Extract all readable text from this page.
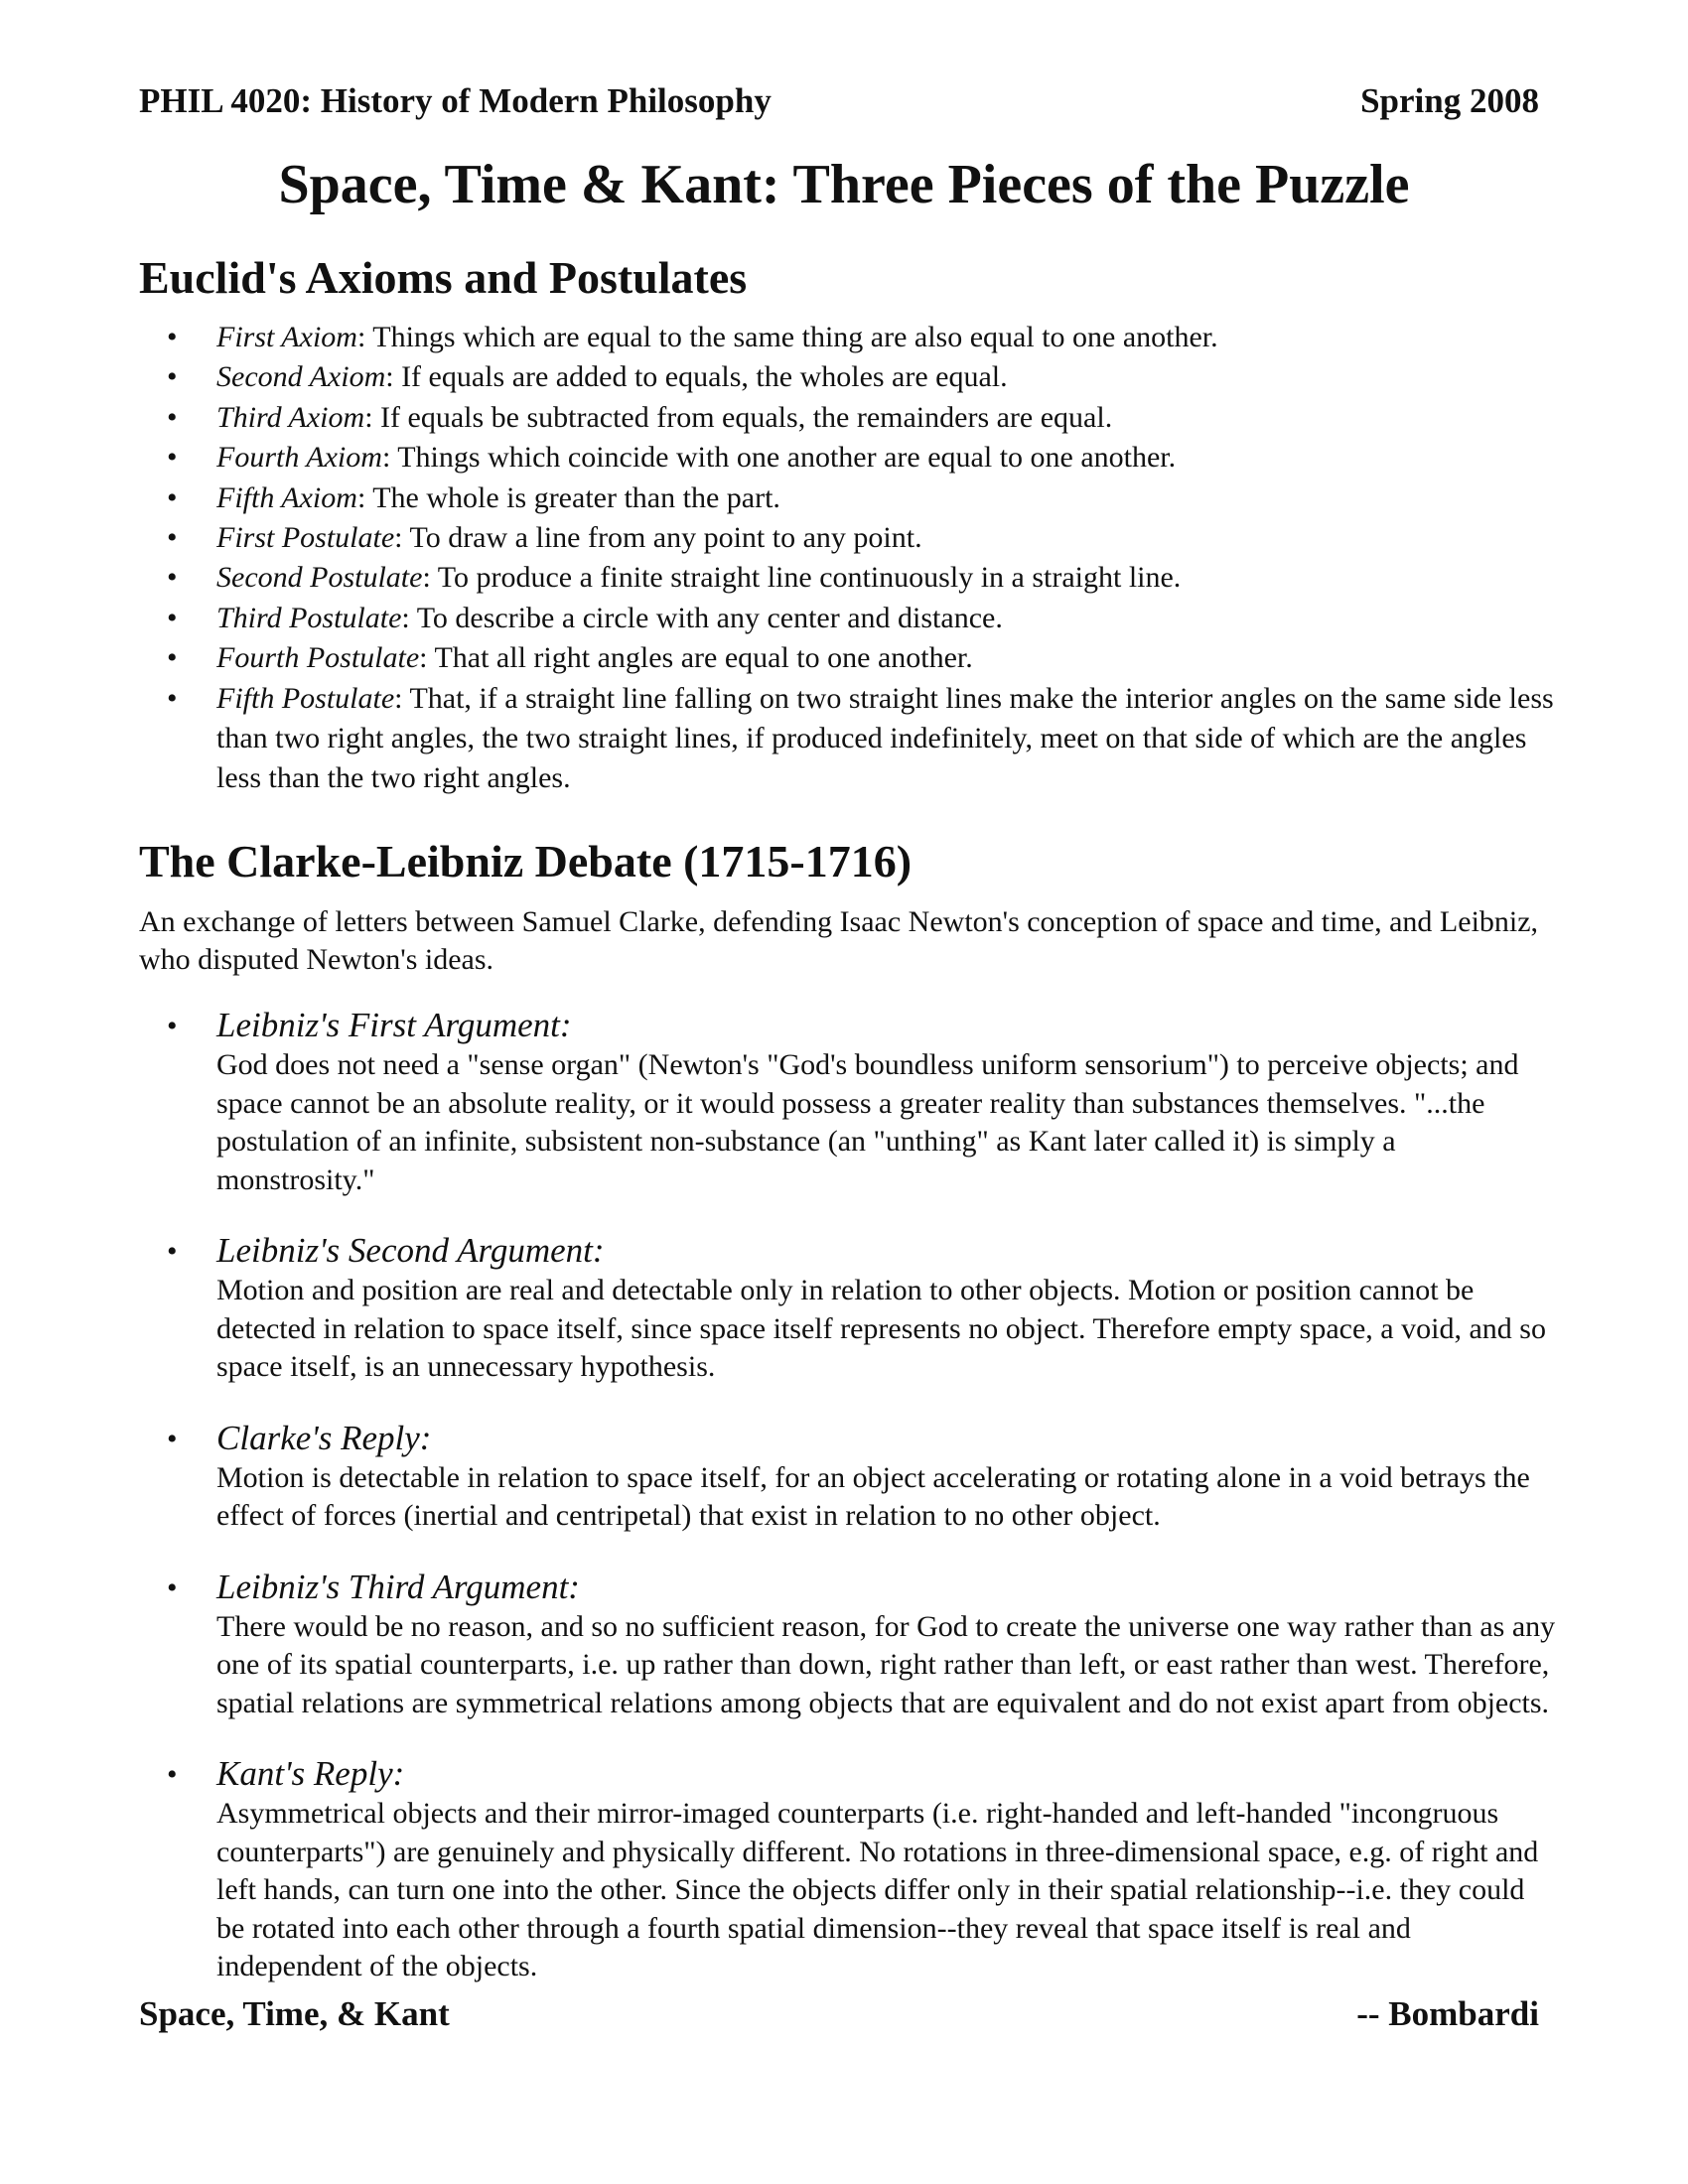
PHIL 4020: History of Modern Philosophy	Spring 2008
Space, Time & Kant: Three Pieces of the Puzzle
Euclid's Axioms and Postulates
• First Axiom: Things which are equal to the same thing are also equal to one another.
• Second Axiom: If equals are added to equals, the wholes are equal.
• Third Axiom: If equals be subtracted from equals, the remainders are equal.
• Fourth Axiom: Things which coincide with one another are equal to one another.
• Fifth Axiom: The whole is greater than the part.
• First Postulate: To draw a line from any point to any point.
• Second Postulate: To produce a finite straight line continuously in a straight line.
• Third Postulate: To describe a circle with any center and distance.
• Fourth Postulate: That all right angles are equal to one another.
• Fifth Postulate: That, if a straight line falling on two straight lines make the interior angles on the same side less than two right angles, the two straight lines, if produced indefinitely, meet on that side of which are the angles less than the two right angles.
The Clarke-Leibniz Debate (1715-1716)
An exchange of letters between Samuel Clarke, defending Isaac Newton's conception of space and time, and Leibniz, who disputed Newton's ideas.
• Leibniz's First Argument:
God does not need a "sense organ" (Newton's "God's boundless uniform sensorium") to perceive objects; and space cannot be an absolute reality, or it would possess a greater reality than substances themselves. "...the postulation of an infinite, subsistent non-substance (an "unthing" as Kant later called it) is simply a monstrosity."
• Leibniz's Second Argument:
Motion and position are real and detectable only in relation to other objects. Motion or position cannot be detected in relation to space itself, since space itself represents no object. Therefore empty space, a void, and so space itself, is an unnecessary hypothesis.
• Clarke's Reply:
Motion is detectable in relation to space itself, for an object accelerating or rotating alone in a void betrays the effect of forces (inertial and centripetal) that exist in relation to no other object.
• Leibniz's Third Argument:
There would be no reason, and so no sufficient reason, for God to create the universe one way rather than as any one of its spatial counterparts, i.e. up rather than down, right rather than left, or east rather than west. Therefore, spatial relations are symmetrical relations among objects that are equivalent and do not exist apart from objects.
• Kant's Reply:
Asymmetrical objects and their mirror-imaged counterparts (i.e. right-handed and left-handed "incongruous counterparts") are genuinely and physically different. No rotations in three-dimensional space, e.g. of right and left hands, can turn one into the other. Since the objects differ only in their spatial relationship--i.e. they could be rotated into each other through a fourth spatial dimension--they reveal that space itself is real and independent of the objects.
Space, Time, & Kant	-- Bombardi
